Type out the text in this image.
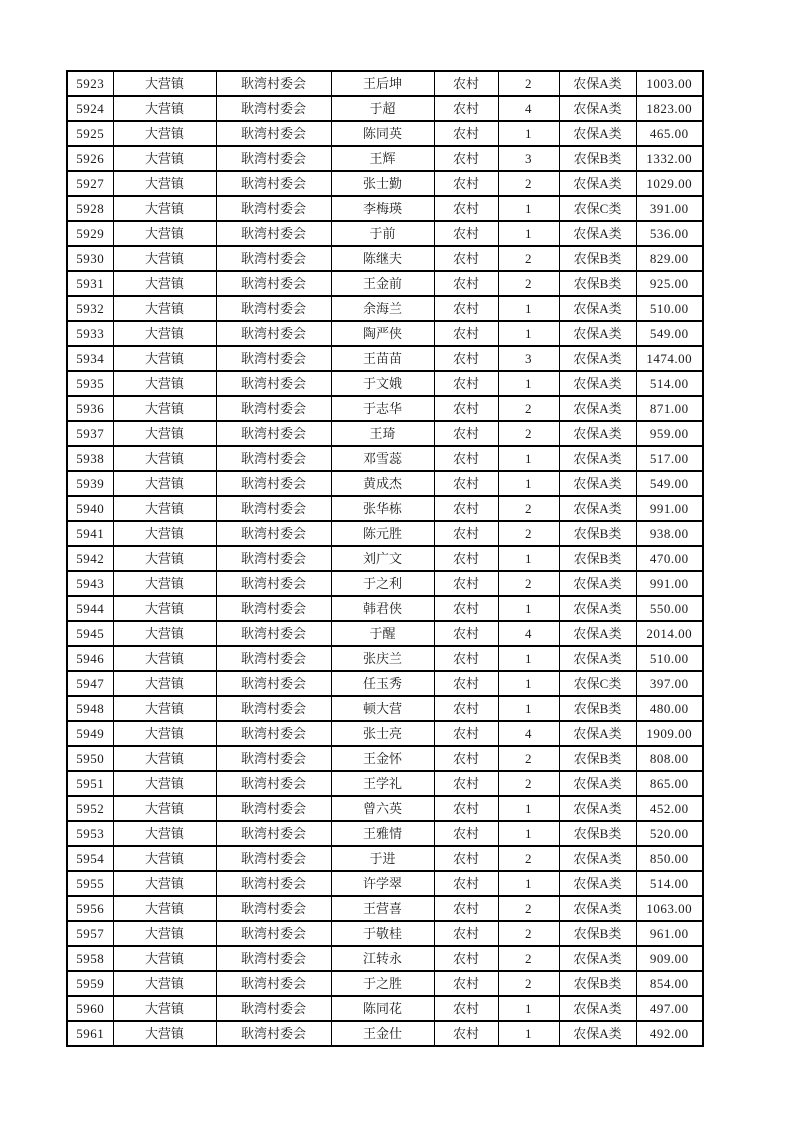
5923	大营镇	耿湾村委会	王后坤	农村	2	农保A类	1003.00
5924	大营镇	耿湾村委会	于超	农村	4	农保A类	1823.00
5925	大营镇	耿湾村委会	陈同英	农村	1	农保A类	465.00
5926	大营镇	耿湾村委会	王辉	农村	3	农保B类	1332.00
5927	大营镇	耿湾村委会	张士勤	农村	2	农保A类	1029.00
5928	大营镇	耿湾村委会	李梅瑛	农村	1	农保C类	391.00
5929	大营镇	耿湾村委会	于前	农村	1	农保A类	536.00
5930	大营镇	耿湾村委会	陈继夫	农村	2	农保B类	829.00
5931	大营镇	耿湾村委会	王金前	农村	2	农保B类	925.00
5932	大营镇	耿湾村委会	余海兰	农村	1	农保A类	510.00
5933	大营镇	耿湾村委会	陶严侠	农村	1	农保A类	549.00
5934	大营镇	耿湾村委会	王苗苗	农村	3	农保A类	1474.00
5935	大营镇	耿湾村委会	于文娥	农村	1	农保A类	514.00
5936	大营镇	耿湾村委会	于志华	农村	2	农保A类	871.00
5937	大营镇	耿湾村委会	王琦	农村	2	农保A类	959.00
5938	大营镇	耿湾村委会	邓雪蕊	农村	1	农保A类	517.00
5939	大营镇	耿湾村委会	黄成杰	农村	1	农保A类	549.00
5940	大营镇	耿湾村委会	张华栋	农村	2	农保A类	991.00
5941	大营镇	耿湾村委会	陈元胜	农村	2	农保B类	938.00
5942	大营镇	耿湾村委会	刘广文	农村	1	农保B类	470.00
5943	大营镇	耿湾村委会	于之利	农村	2	农保A类	991.00
5944	大营镇	耿湾村委会	韩君侠	农村	1	农保A类	550.00
5945	大营镇	耿湾村委会	于醒	农村	4	农保A类	2014.00
5946	大营镇	耿湾村委会	张庆兰	农村	1	农保A类	510.00
5947	大营镇	耿湾村委会	任玉秀	农村	1	农保C类	397.00
5948	大营镇	耿湾村委会	顿大营	农村	1	农保B类	480.00
5949	大营镇	耿湾村委会	张士亮	农村	4	农保A类	1909.00
5950	大营镇	耿湾村委会	王金怀	农村	2	农保B类	808.00
5951	大营镇	耿湾村委会	王学礼	农村	2	农保A类	865.00
5952	大营镇	耿湾村委会	曾六英	农村	1	农保A类	452.00
5953	大营镇	耿湾村委会	王雅情	农村	1	农保B类	520.00
5954	大营镇	耿湾村委会	于进	农村	2	农保A类	850.00
5955	大营镇	耿湾村委会	许学翠	农村	1	农保A类	514.00
5956	大营镇	耿湾村委会	王营喜	农村	2	农保A类	1063.00
5957	大营镇	耿湾村委会	于敬桂	农村	2	农保B类	961.00
5958	大营镇	耿湾村委会	江转永	农村	2	农保A类	909.00
5959	大营镇	耿湾村委会	于之胜	农村	2	农保B类	854.00
5960	大营镇	耿湾村委会	陈同花	农村	1	农保A类	497.00
5961	大营镇	耿湾村委会	王金仕	农村	1	农保A类	492.00
